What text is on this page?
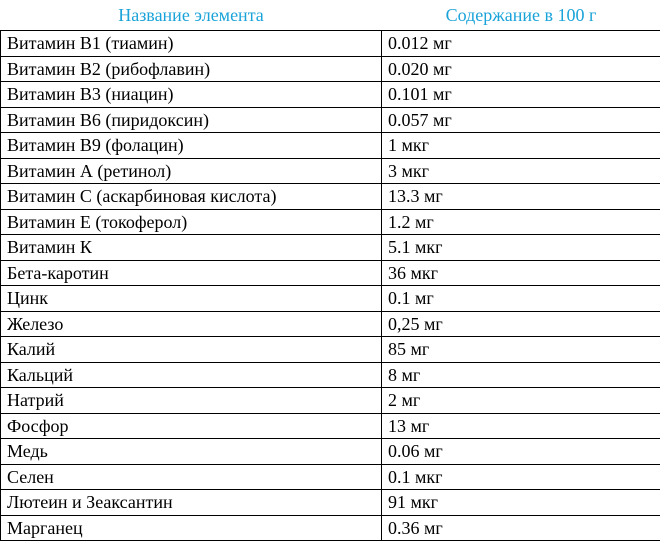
Название элемента	Содержание в 100 г
Витамин В1 (тиамин)	0.012 мг
Витамин В2 (рибофлавин)	0.020 мг
Витамин В3 (ниацин)	0.101 мг
Витамин В6 (пиридоксин)	0.057 мг
Витамин В9 (фолацин)	1 мкг
Витамин А (ретинол)	3 мкг
Витамин С (аскарбиновая кислота)	13.3 мг
Витамин Е (токоферол)	1.2 мг
Витамин К	5.1 мкг
Бета-каротин	36 мкг
Цинк	0.1 мг
Железо	0,25 мг
Калий	85 мг
Кальций	8 мг
Натрий	2 мг
Фосфор	13 мг
Медь	0.06 мг
Селен	0.1 мкг
Лютеин и Зеаксантин	91 мкг
Марганец	0.36 мг
